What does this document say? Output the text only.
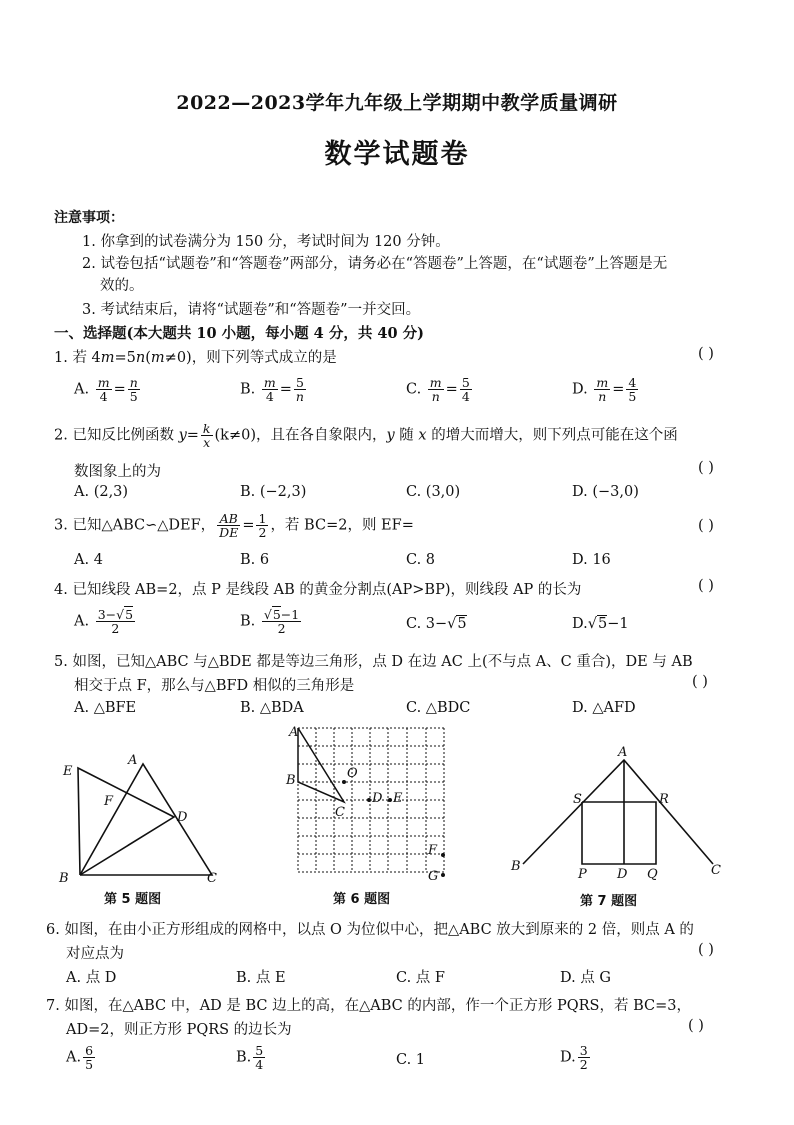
2022—2023学年九年级上学期期中教学质量调研
数学试题卷
注意事项：
1. 你拿到的试卷满分为 150 分，考试时间为 120 分钟。
2. 试卷包括“试题卷”和“答题卷”两部分，请务必在“答题卷”上答题，在“试题卷”上答题是无
效的。
3. 考试结束后，请将“试题卷”和“答题卷”一并交回。
一、选择题(本大题共 10 小题，每小题 4 分，共 40 分)
1. 若 4m=5n(m≠0)，则下列等式成立的是	( )
A. $\frac{m}{4} = \frac{n}{5}$	B. $\frac{m}{4} = \frac{5}{n}$	C. $\frac{m}{n} = \frac{5}{4}$	D. $\frac{m}{n} = \frac{4}{5}$
2. 已知反比例函数 $y= \frac{k}{x} (k\ne 0)$，且在各自象限内，y 随 x 的增大而增大，则下列点可能在这个函
数图象上的为	( )
A. (2,3)	B. (−2,3)	C. (3,0)	D. (−3,0)
3. 已知△ABC∽△DEF， $\frac{AB}{DE} = \frac{1}{2}$ ，若 BC=2，则 EF=	( )
A. 4	B. 6	C. 8	D. 16
4. 已知线段 AB=2，点 P 是线段 AB 的黄金分割点(AP>BP)，则线段 AP 的长为	( )
A. $\frac{3-√5}{2}$	B. $\frac{√5-1}{2}$	C. 3−√5	D.√5−1
5. 如图，已知△ABC 与△BDE 都是等边三角形，点 D 在边 AC 上(不与点 A、C 重合)，DE 与 AB
相交于点 F，那么与△BFD 相似的三角形是	( )
A. △BFE	B. △BDA	C. △BDC	D. △AFD
E
A
F
D
B	C
第 5 题图
A
O
B
C
D E
F
G
第 6 题图
A
S	R
B
P D Q	C
第 7 题图
6. 如图，在由小正方形组成的网格中，以点 O 为位似中心，把△ABC 放大到原来的 2 倍，则点 A 的
对应点为	( )
A. 点 D	B. 点 E	C. 点 F	D. 点 G
7. 如图，在△ABC 中，AD 是 BC 边上的高，在△ABC 的内部，作一个正方形 PQRS，若 BC=3，
AD=2，则正方形 PQRS 的边长为	( )
A. $\frac{6}{5}$	B. $\frac{5}{4}$	C. 1	D. $\frac{3}{2}$
